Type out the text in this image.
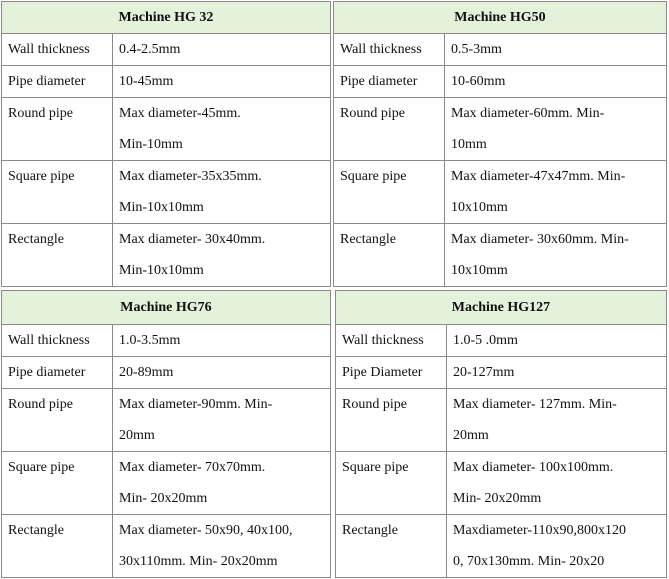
Machine HG 32	
Wall thickness	0.4-2.5mm
Pipe diameter	10-45mm
Round pipe	Max diameter-45mm.
Min-10mm
Square pipe	Max diameter-35x35mm.
Min-10x10mm
Rectangle	Max diameter- 30x40mm.
Min-10x10mm
Machine HG50	
Wall thickness	0.5-3mm
Pipe diameter	10-60mm
Round pipe	Max diameter-60mm. Min-
10mm
Square pipe	Max diameter-47x47mm. Min-
10x10mm
Rectangle	Max diameter- 30x60mm. Min-
10x10mm
Machine HG76	
Wall thickness	1.0-3.5mm
Pipe diameter	20-89mm
Round pipe	Max diameter-90mm. Min-
20mm
Square pipe	Max diameter- 70x70mm.
Min- 20x20mm
Rectangle	Max diameter- 50x90, 40x100,
30x110mm. Min- 20x20mm
Machine HG127	
Wall thickness	1.0-5 .0mm
Pipe Diameter	20-127mm
Round pipe	Max diameter- 127mm. Min-
20mm
Square pipe	Max diameter- 100x100mm.
Min- 20x20mm
Rectangle	Maxdiameter-110x90,800x120
0, 70x130mm. Min- 20x20
